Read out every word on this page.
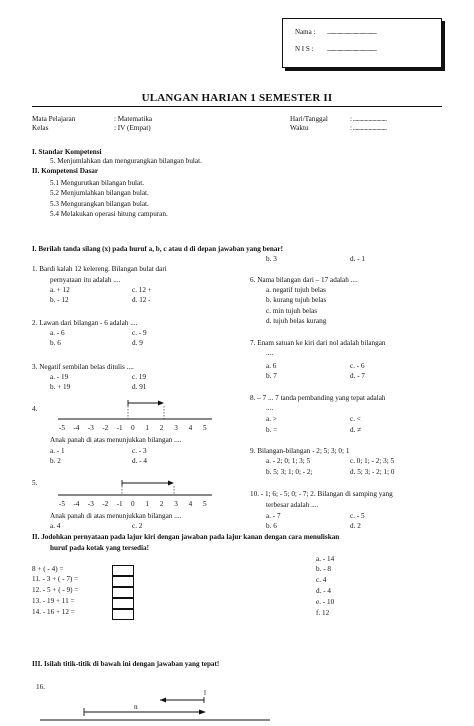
Nama : ...........................................
N I S : ...........................................
ULANGAN HARIAN 1 SEMESTER II
Mata Pelajaran	: Matematika
Kelas	: IV (Empat)
Hari/Tanggal	: ..........................
Waktu	: ..........................
I. Standar Kompetensi
5. Menjumlahkan dan mengurangkan bilangan bulat.
II. Kompetensi Dasar
5.1 Mengurutkan bilangan bulat.
5.2 Menjumlahkan bilangan bulat.
5.3 Mengurangkan bilangan bulat.
5.4 Melakukan operasi hitung campuran.
I. Berilah tanda silang (x) pada huruf a, b, c atau d di depan jawaban yang benar!
b. 3	d. - 1
1. Bardi kalah 12 kelereng. Bilangan bulat dari
pernyataan itu adalah ....
a. + 12	c. 12 +
b. - 12	d. 12 -
2. Lawan dari bilangan - 6 adalah ....
a. - 6	c. - 9
b. 6	d. 9
3. Negatif sembilan belas ditulis ....
a. - 19	c. 19
b. + 19	d. 91
4.
-5 -4 -3 -2 -1 0 1 2 3 4 5
Anak panah di atas menunjukkan bilangan ....
a. - 1	c. - 3
b. 2	d. - 4
5.
-5 -4 -3 -2 -1 0 1 2 3 4 5
Anak panah di atas menunjukkan bilangan ....
a. 4	c. 2
6. Nama bilangan dari – 17 adalah ....
a. negatif tujuh belas
b. kurang tujuh belas
c. min tujuh belas
d. tujuh belas kurang
7. Enam satuan ke kiri dari nol adalah bilangan
....
a. 6	c. - 6
b. 7	d. - 7
8. – 7 ... 7 tanda pembanding yang tepat adalah
....
a. >	c. <
b. =	d. ≠
9. Bilangan-bilangan - 2; 5; 3; 0; 1
a. - 2; 0; 1; 3; 5	c. 0; 1; - 2; 3; 5
b. 5; 3; 1; 0; - 2;	d. 5; 3; - 2; 1; 0
10. - 1; 6; - 5; 0; - 7; 2. Bilangan di samping yang
terbesar adalah ....
a. - 7	c. - 5
b. 6	d. 2
II. Jodohkan pernyataan pada lajur kiri dengan jawaban pada lajur kanan dengan cara menuliskan
huruf pada kotak yang tersedia!
8 + ( - 4) =
11. - 3 + ( - 7) =
12. - 5 + ( - 9) =
13. - 19 + 11 =
14. - 16 + 12 =
a. - 14
b. - 8
c. 4
d. - 4
e. - 10
f. 12
III. Isilah titik-titik di bawah ini dengan jawaban yang tepat!
16.
l
n
